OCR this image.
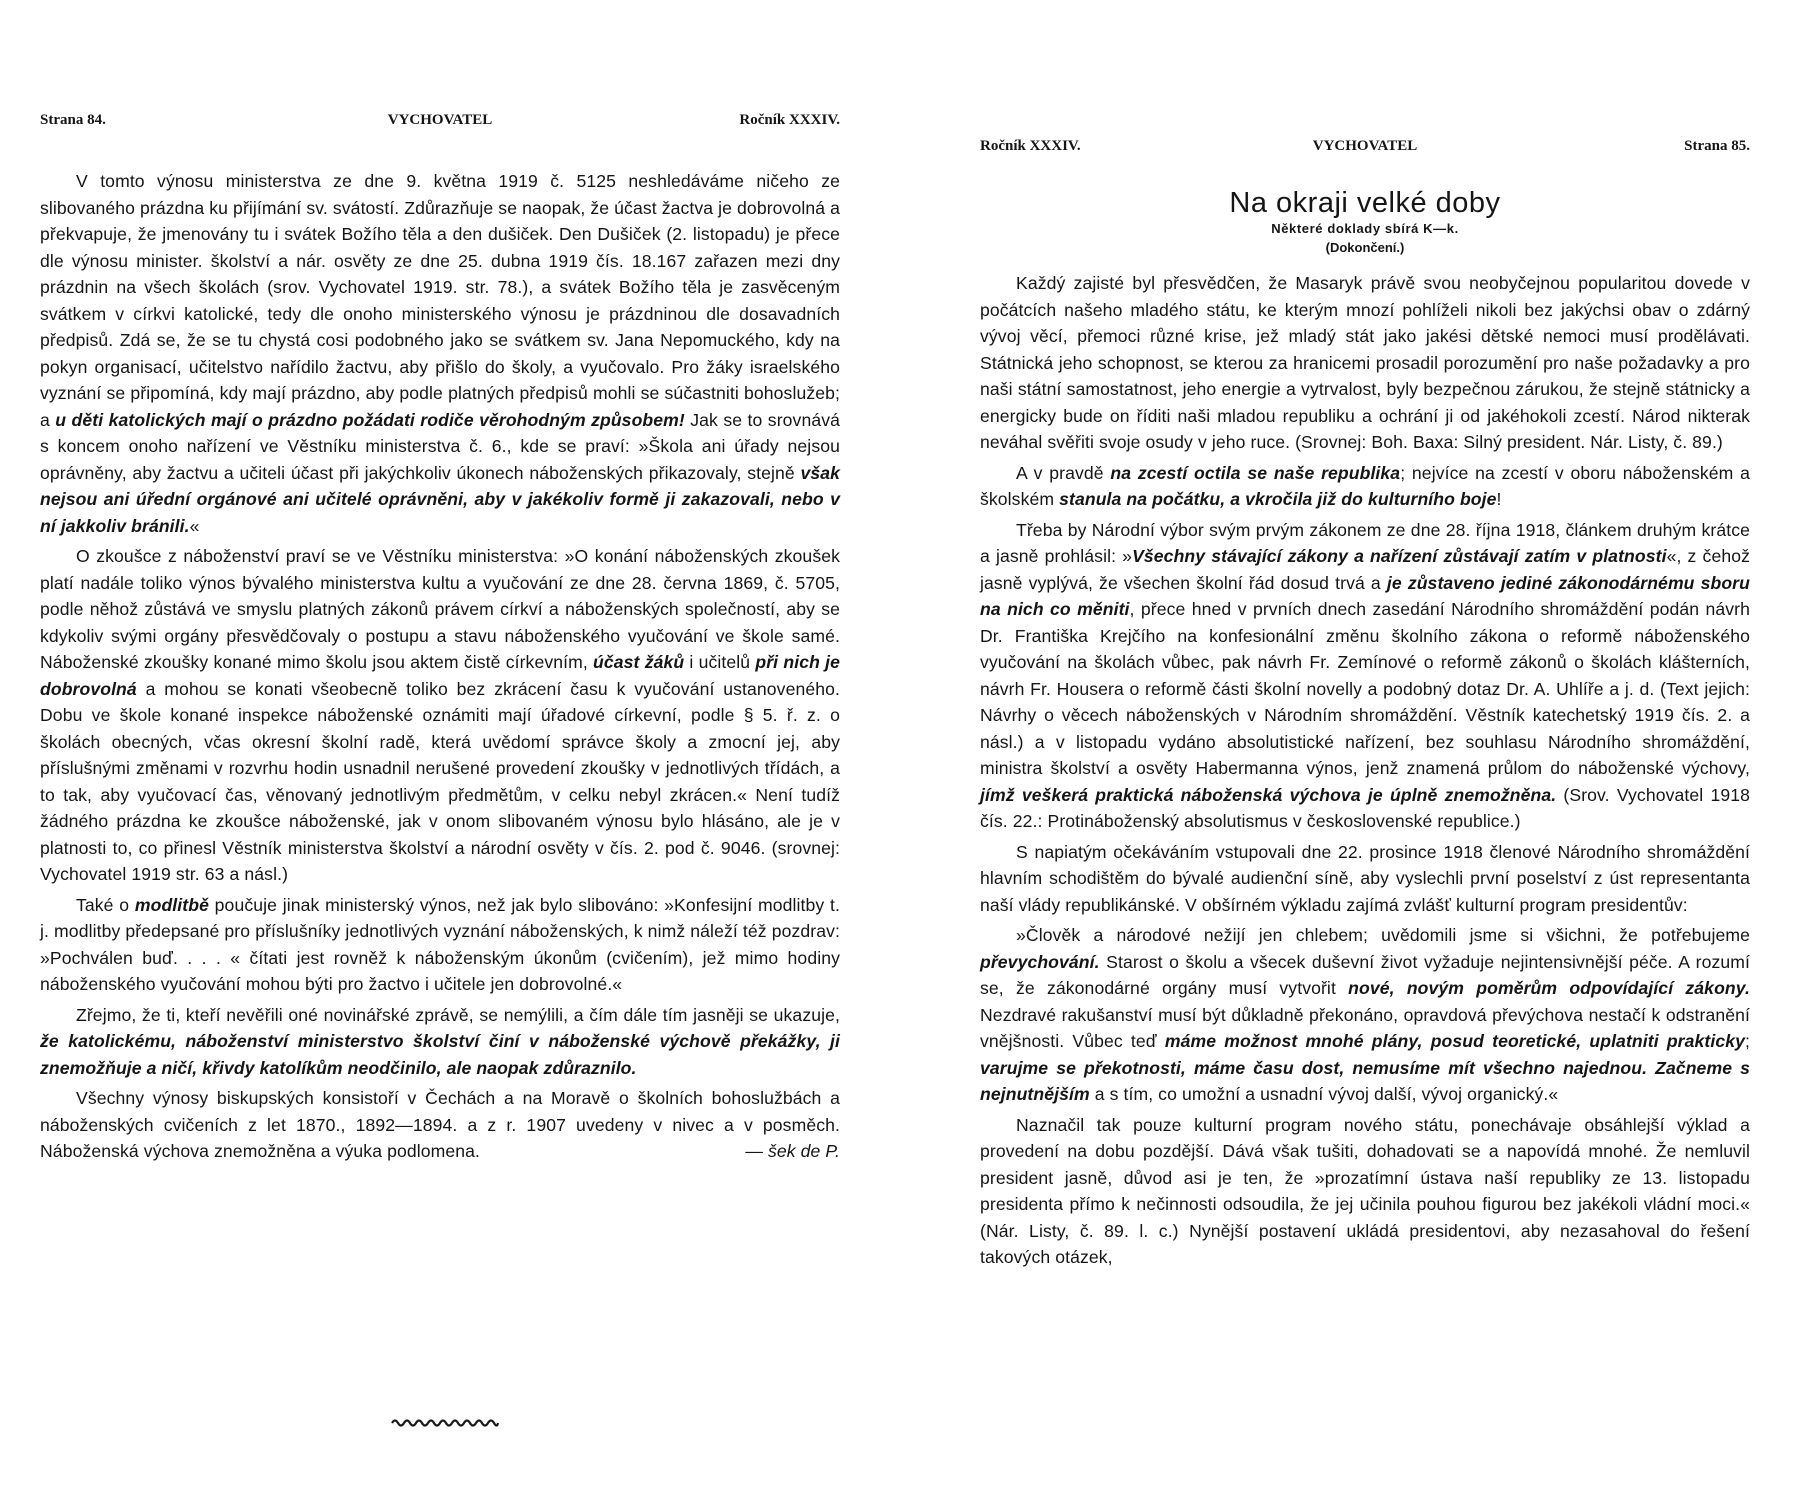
Strana 84.	VYCHOVATEL	Ročník XXXIV.

V tomto výnosu ministerstva ze dne 9. května 1919 č. 5125 neshledáváme ničeho ze slibovaného prázdna ku přijímání sv. svátostí. Zdůrazňuje se naopak, že účast žactva je dobrovolná a překvapuje, že jmenovány tu i svátek Božího těla a den dušiček. Den Dušiček (2. listopadu) je přece dle výnosu minister. školství a nár. osvěty ze dne 25. dubna 1919 čís. 18.167 zařazen mezi dny prázdnin na všech školách (srov. Vychovatel 1919. str. 78.), a svátek Božího těla je zasvěceným svátkem v církvi katolické, tedy dle onoho ministerského výnosu je prázdninou dle dosavadních předpisů. Zdá se, že se tu chystá cosi podobného jako se svátkem sv. Jana Nepomuckého, kdy na pokyn organisací, učitelstvo nařídilo žactvu, aby přišlo do školy, a vyučovalo. Pro žáky israelského vyznání se připomíná, kdy mají prázdno, aby podle platných předpisů mohli se súčastniti bohoslužeb; a u děti katolických mají o prázdno požádati rodiče věrohodným způsobem! Jak se to srovnává s koncem onoho nařízení ve Věstníku ministerstva č. 6., kde se praví: »Škola ani úřady nejsou oprávněny, aby žactvu a učiteli účast při jakýchkoliv úkonech náboženských přikazovaly, stejně však nejsou ani úřední orgánové ani učitelé oprávněni, aby v jakékoliv formě ji zakazovali, nebo v ní jakkoliv bránili.«

O zkoušce z náboženství praví se ve Věstníku ministerstva: »O konání náboženských zkoušek platí nadále toliko výnos bývalého ministerstva kultu a vyučování ze dne 28. června 1869, č. 5705, podle něhož zůstává ve smyslu platných zákonů právem církví a náboženských společností, aby se kdykoliv svými orgány přesvědčovaly o postupu a stavu náboženského vyučování ve škole samé. Náboženské zkoušky konané mimo školu jsou aktem čistě církevním, účast žáků i učitelů při nich je dobrovolná a mohou se konati všeobecně toliko bez zkrácení času k vyučování ustanoveného. Dobu ve škole konané inspekce náboženské oznámiti mají úřadové církevní, podle § 5. ř. z. o školách obecných, včas okresní školní radě, která uvědomí správce školy a zmocní jej, aby příslušnými změnami v rozvrhu hodin usnadnil nerušené provedení zkoušky v jednotlivých třídách, a to tak, aby vyučovací čas, věnovaný jednotlivým předmětům, v celku nebyl zkrácen.« Není tudíž žádného prázdna ke zkoušce náboženské, jak v onom slibovaném výnosu bylo hlásáno, ale je v platnosti to, co přinesl Věstník ministerstva školství a národní osvěty v čís. 2. pod č. 9046. (srovnej: Vychovatel 1919 str. 63 a násl.)

Také o modlitbě poučuje jinak ministerský výnos, než jak bylo slibováno: »Konfesijní modlitby t. j. modlitby předepsané pro příslušníky jednotlivých vyznání náboženských, k nimž náleží též pozdrav: »Pochválen buď. . . . « čítati jest rovněž k náboženským úkonům (cvičením), jež mimo hodiny náboženského vyučování mohou býti pro žactvo i učitele jen dobrovolné.«

Zřejmo, že ti, kteří nevěřili oné novinářské zprávě, se nemýlili, a čím dále tím jasněji se ukazuje, že katolickému, náboženství ministerstvo školství činí v náboženské výchově překážky, ji znemožňuje a ničí, křivdy katolíkům neodčinilo, ale naopak zdůraznilo.

Všechny výnosy biskupských konsistoří v Čechách a na Moravě o školních bohoslužbách a náboženských cvičeních z let 1870., 1892—1894. a z r. 1907 uvedeny v nivec a v posměch. Náboženská výchova znemožněna a výuka podlomena.	— šek de P.

Ročník XXXIV.	VYCHOVATEL	Strana 85.
Na okraji velké doby
Některé doklady sbírá K—k.
(Dokončení.)

Každý zajisté byl přesvědčen, že Masaryk právě svou neobyčejnou popularitou dovede v počátcích našeho mladého státu, ke kterým mnozí pohlíželi nikoli bez jakýchsi obav o zdárný vývoj věcí, přemoci různé krise, jež mladý stát jako jakési dětské nemoci musí prodělávati. Státnická jeho schopnost, se kterou za hranicemi prosadil porozumění pro naše požadavky a pro naši státní samostatnost, jeho energie a vytrvalost, byly bezpečnou zárukou, že stejně státnicky a energicky bude on říditi naši mladou republiku a ochrání ji od jakéhokoli zcestí. Národ nikterak neváhal svěřiti svoje osudy v jeho ruce. (Srovnej: Boh. Baxa: Silný president. Nár. Listy, č. 89.)

A v pravdě na zcestí octila se naše republika; nejvíce na zcestí v oboru náboženském a školském stanula na počátku, a vkročila již do kulturního boje!

Třeba by Národní výbor svým prvým zákonem ze dne 28. října 1918, článkem druhým krátce a jasně prohlásil: »Všechny stávající zákony a nařízení zůstávají zatím v platnosti«, z čehož jasně vyplývá, že všechen školní řád dosud trvá a je zůstaveno jediné zákonodárnému sboru na nich co měniti, přece hned v prvních dnech zasedání Národního shromáždění podán návrh Dr. Františka Krejčího na konfesionální změnu školního zákona o reformě náboženského vyučování na školách vůbec, pak návrh Fr. Zemínové o reformě zákonů o školách klášterních, návrh Fr. Housera o reformě části školní novelly a podobný dotaz Dr. A. Uhlíře a j. d. (Text jejich: Návrhy o věcech náboženských v Národním shromáždění. Věstník katechetský 1919 čís. 2. a násl.) a v listopadu vydáno absolutistické nařízení, bez souhlasu Národního shromáždění, ministra školství a osvěty Habermanna výnos, jenž znamená průlom do náboženské výchovy, jímž veškerá praktická náboženská výchova je úplně znemožněna. (Srov. Vychovatel 1918 čís. 22.: Protináboženský absolutismus v československé republice.)

S napiatým očekáváním vstupovali dne 22. prosince 1918 členové Národního shromáždění hlavním schodištěm do bývalé audienční síně, aby vyslechli první poselství z úst representanta naší vlády republikánské. V obšírném výkladu zajímá zvlášť kulturní program presidentův:

»Člověk a národové nežijí jen chlebem; uvědomili jsme si všichni, že potřebujeme převychování. Starost o školu a všecek duševní život vyžaduje nejintensivnější péče. A rozumí se, že zákonodárné orgány musí vytvořit nové, novým poměrům odpovídající zákony. Nezdravé rakušanství musí být důkladně překonáno, opravdová převýchova nestačí k odstranění vnějšnosti. Vůbec teď máme možnost mnohé plány, posud teoretické, uplatniti prakticky; varujme se překotnosti, máme času dost, nemusíme mít všechno najednou. Začneme s nejnutnějším a s tím, co umožní a usnadní vývoj další, vývoj organický.«

Naznačil tak pouze kulturní program nového státu, ponechávaje obsáhlejší výklad a provedení na dobu pozdější. Dává však tušiti, dohadovati se a napovídá mnohé. Že nemluvil president jasně, důvod asi je ten, že »prozatímní ústava naší republiky ze 13. listopadu presidenta přímo k nečinnosti odsoudila, že jej učinila pouhou figurou bez jakékoli vládní moci.« (Nár. Listy, č. 89. l. c.) Nynější postavení ukládá presidentovi, aby nezasahoval do řešení takových otázek,
